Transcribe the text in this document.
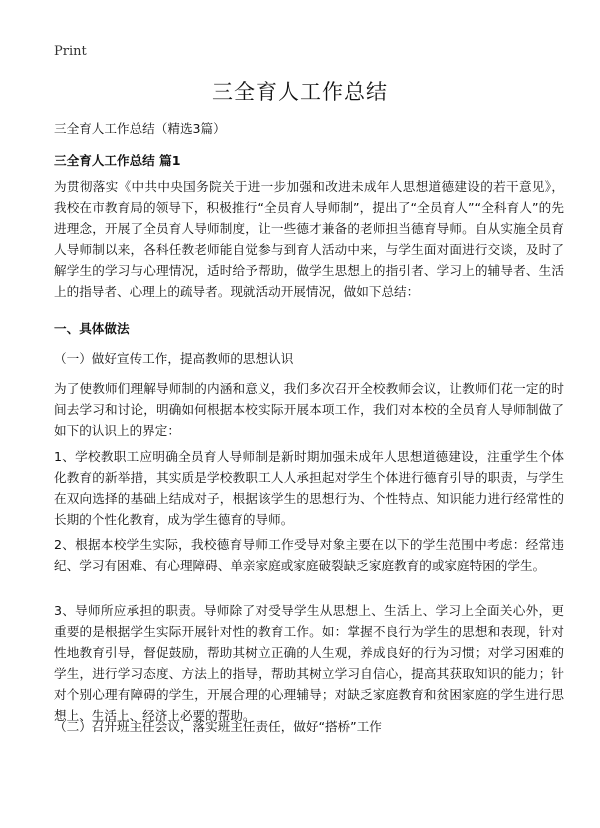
Print
三全育人工作总结
三全育人工作总结（精选3篇）
三全育人工作总结 篇1
为贯彻落实《中共中央国务院关于进一步加强和改进未成年人思想道德建设的若干意见》，我校在市教育局的领导下，积极推行“全员育人导师制”，提出了“全员育人”“全科育人”的先进理念，开展了全员育人导师制度，让一些德才兼备的老师担当德育导师。自从实施全员育人导师制以来，各科任教老师能自觉参与到育人活动中来，与学生面对面进行交谈，及时了解学生的学习与心理情况，适时给予帮助，做学生思想上的指引者、学习上的辅导者、生活上的指导者、心理上的疏导者。现就活动开展情况，做如下总结：
一、具体做法
（一）做好宣传工作，提高教师的思想认识
为了使教师们理解导师制的内涵和意义，我们多次召开全校教师会议，让教师们花一定的时间去学习和讨论，明确如何根据本校实际开展本项工作，我们对本校的全员育人导师制做了如下的认识上的界定：
1、学校教职工应明确全员育人导师制是新时期加强未成年人思想道德建设，注重学生个体化教育的新举措，其实质是学校教职工人人承担起对学生个体进行德育引导的职责，与学生在双向选择的基础上结成对子，根据该学生的思想行为、个性特点、知识能力进行经常性的长期的个性化教育，成为学生德育的导师。
2、根据本校学生实际，我校德育导师工作受导对象主要在以下的学生范围中考虑：经常违纪、学习有困难、有心理障碍、单亲家庭或家庭破裂缺乏家庭教育的或家庭特困的学生。
3、导师所应承担的职责。导师除了对受导学生从思想上、生活上、学习上全面关心外，更重要的是根据学生实际开展针对性的教育工作。如：掌握不良行为学生的思想和表现，针对性地教育引导，督促鼓励，帮助其树立正确的人生观，养成良好的行为习惯；对学习困难的学生，进行学习态度、方法上的指导，帮助其树立学习自信心，提高其获取知识的能力；针对个别心理有障碍的学生，开展合理的心理辅导；对缺乏家庭教育和贫困家庭的学生进行思想上、生活上、经济上必要的帮助。
（二）召开班主任会议，落实班主任责任，做好“搭桥”工作
